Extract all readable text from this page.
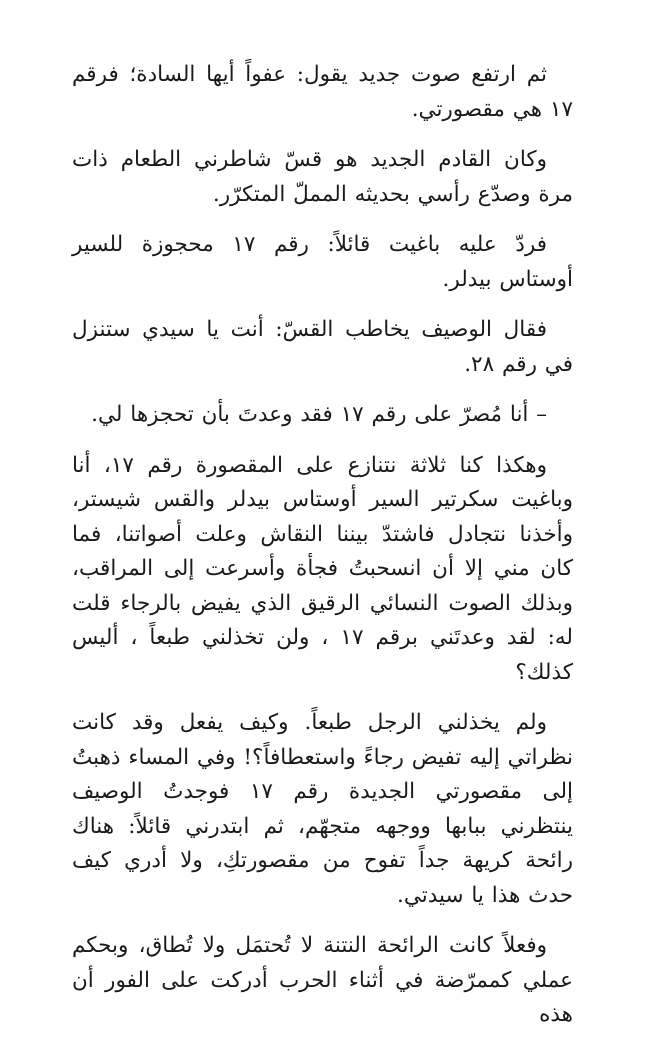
ثم ارتفع صوت جديد يقول: عفواً أيها السادة؛ فرقم ١٧ هي مقصورتي.

وكان القادم الجديد هو قسّ شاطرني الطعام ذات مرة وصدّع رأسي بحديثه المملّ المتكرّر.

فردّ عليه باغيت قائلاً: رقم ١٧ محجوزة للسير أوستاس بيدلر.

فقال الوصيف يخاطب القسّ: أنت يا سيدي ستنزل في رقم ٢٨.

– أنا مُصرّ على رقم ١٧ فقد وعدتَ بأن تحجزها لي.

وهكذا كنا ثلاثة نتنازع على المقصورة رقم ١٧، أنا وباغيت سكرتير السير أوستاس بيدلر والقس شيستر، وأخذنا نتجادل فاشتدّ بيننا النقاش وعلت أصواتنا، فما كان مني إلا أن انسحبتُ فجأة وأسرعت إلى المراقب، وبذلك الصوت النسائي الرقيق الذي يفيض بالرجاء قلت له: لقد وعدتَني برقم ١٧ ، ولن تخذلني طبعاً ، أليس كذلك؟

ولم يخذلني الرجل طبعاً. وكيف يفعل وقد كانت نظراتي إليه تفيض رجاءً واستعطافاً؟! وفي المساء ذهبتُ إلى مقصورتي الجديدة رقم ١٧ فوجدتُ الوصيف ينتظرني ببابها ووجهه متجهّم، ثم ابتدرني قائلاً: هناك رائحة كريهة جداً تفوح من مقصورتكِ، ولا أدري كيف حدث هذا يا سيدتي.

وفعلاً كانت الرائحة النتنة لا تُحتمَل ولا تُطاق، وبحكم عملي كممرّضة في أثناء الحرب أدركت على الفور أن هذه
